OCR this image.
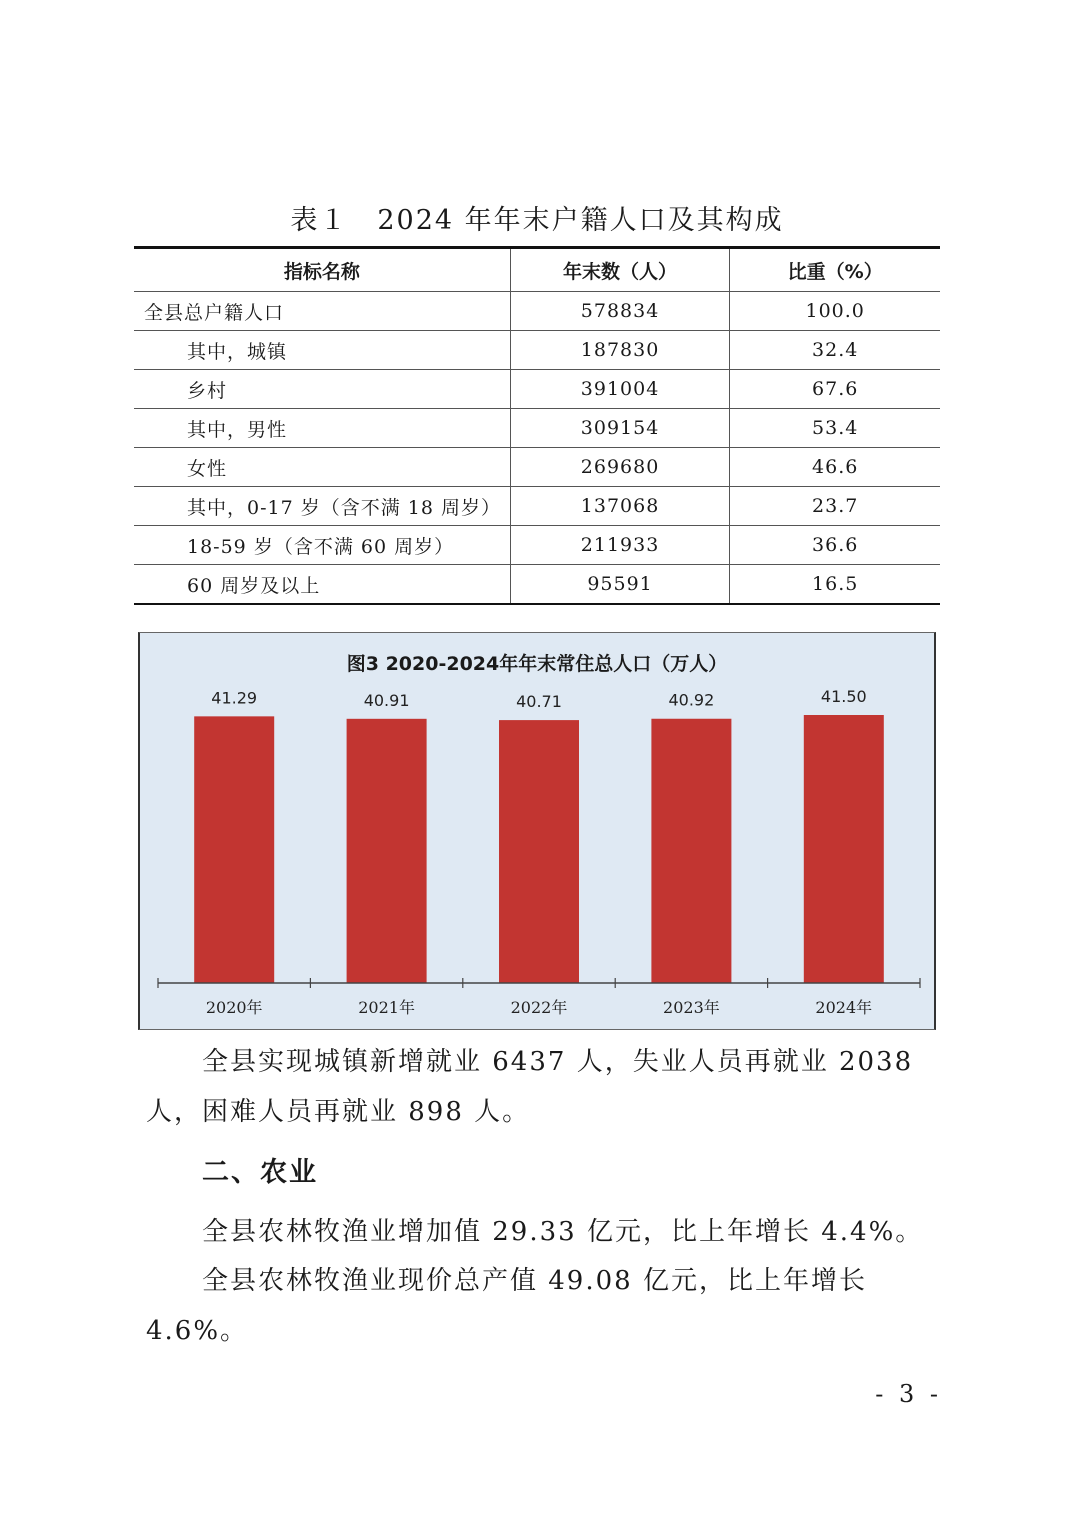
表１　2024 年年末户籍人口及其构成
指标名称	年末数（人）	比重（%）
全县总户籍人口	578834	100.0
其中，城镇	187830	32.4
乡村	391004	67.6
其中，男性	309154	53.4
女性	269680	46.6
其中，0-17 岁（含不满 18 周岁）	137068	23.7
18-59 岁（含不满 60 周岁）	211933	36.6
60 周岁及以上	95591	16.5
图3 2020-2024年年末常住总人口（万人）
41.29	40.91	40.71	40.92	41.50
2020年	2021年	2022年	2023年	2024年
全县实现城镇新增就业 6437 人，失业人员再就业 2038 人，困难人员再就业 898 人。
二、农业
全县农林牧渔业增加值 29.33 亿元，比上年增长 4.4%。
全县农林牧渔业现价总产值 49.08 亿元，比上年增长 4.6%。
- 3 -
